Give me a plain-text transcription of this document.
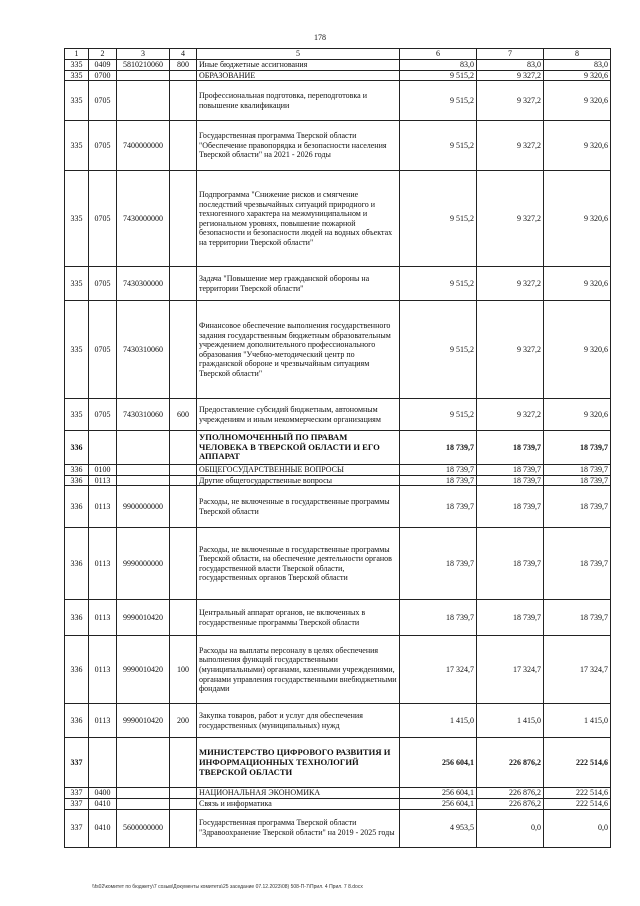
178
1	2	3	4	5	6	7	8
335	0409	5810210060	800	Иные бюджетные ассигнования	83,0	83,0	83,0
335	0700			ОБРАЗОВАНИЕ	9 515,2	9 327,2	9 320,6
335	0705			Профессиональная подготовка, переподготовка и повышение квалификации	9 515,2	9 327,2	9 320,6
335	0705	7400000000		Государственная программа Тверской области "Обеспечение правопорядка и безопасности населения Тверской области" на 2021 - 2026 годы	9 515,2	9 327,2	9 320,6
335	0705	7430000000		Подпрограмма "Снижение рисков и смягчение последствий чрезвычайных ситуаций природного и техногенного характера на межмуниципальном и региональном уровнях, повышение пожарной безопасности и безопасности людей на водных объектах на территории Тверской области"	9 515,2	9 327,2	9 320,6
335	0705	7430300000		Задача "Повышение мер гражданской обороны на территории Тверской области"	9 515,2	9 327,2	9 320,6
335	0705	7430310060		Финансовое обеспечение выполнения государственного задания государственным бюджетным образовательным учреждением дополнительного профессионального образования "Учебно-методический центр по гражданской обороне и чрезвычайным ситуациям Тверской области"	9 515,2	9 327,2	9 320,6
335	0705	7430310060	600	Предоставление субсидий бюджетным, автономным учреждениям и иным некоммерческим организациям	9 515,2	9 327,2	9 320,6
336				УПОЛНОМОЧЕННЫЙ ПО ПРАВАМ ЧЕЛОВЕКА В ТВЕРСКОЙ ОБЛАСТИ И ЕГО АППАРАТ	18 739,7	18 739,7	18 739,7
336	0100			ОБЩЕГОСУДАРСТВЕННЫЕ ВОПРОСЫ	18 739,7	18 739,7	18 739,7
336	0113			Другие общегосударственные вопросы	18 739,7	18 739,7	18 739,7
336	0113	9900000000		Расходы, не включенные в государственные программы Тверской области	18 739,7	18 739,7	18 739,7
336	0113	9990000000		Расходы, не включенные в государственные программы Тверской области, на обеспечение деятельности органов государственной власти Тверской области, государственных органов Тверской области	18 739,7	18 739,7	18 739,7
336	0113	9990010420		Центральный аппарат органов, не включенных в государственные программы Тверской области	18 739,7	18 739,7	18 739,7
336	0113	9990010420	100	Расходы на выплаты персоналу в целях обеспечения выполнения функций государственными (муниципальными) органами, казенными учреждениями, органами управления государственными внебюджетными фондами	17 324,7	17 324,7	17 324,7
336	0113	9990010420	200	Закупка товаров, работ и услуг для обеспечения государственных (муниципальных) нужд	1 415,0	1 415,0	1 415,0
337				МИНИСТЕРСТВО ЦИФРОВОГО РАЗВИТИЯ И ИНФОРМАЦИОННЫХ ТЕХНОЛОГИЙ ТВЕРСКОЙ ОБЛАСТИ	256 604,1	226 876,2	222 514,6
337	0400			НАЦИОНАЛЬНАЯ ЭКОНОМИКА	256 604,1	226 876,2	222 514,6
337	0410			Связь и информатика	256 604,1	226 876,2	222 514,6
337	0410	5600000000		Государственная программа Тверской области "Здравоохранение Тверской области" на 2019 - 2025 годы	4 953,5	0,0	0,0
\\fs02\комитет по бюджету\7 созыв\Документы комитета\25 заседание 07.12.2023\08) 508-П-7\Прил. 4 Прил. 7 8.docx
